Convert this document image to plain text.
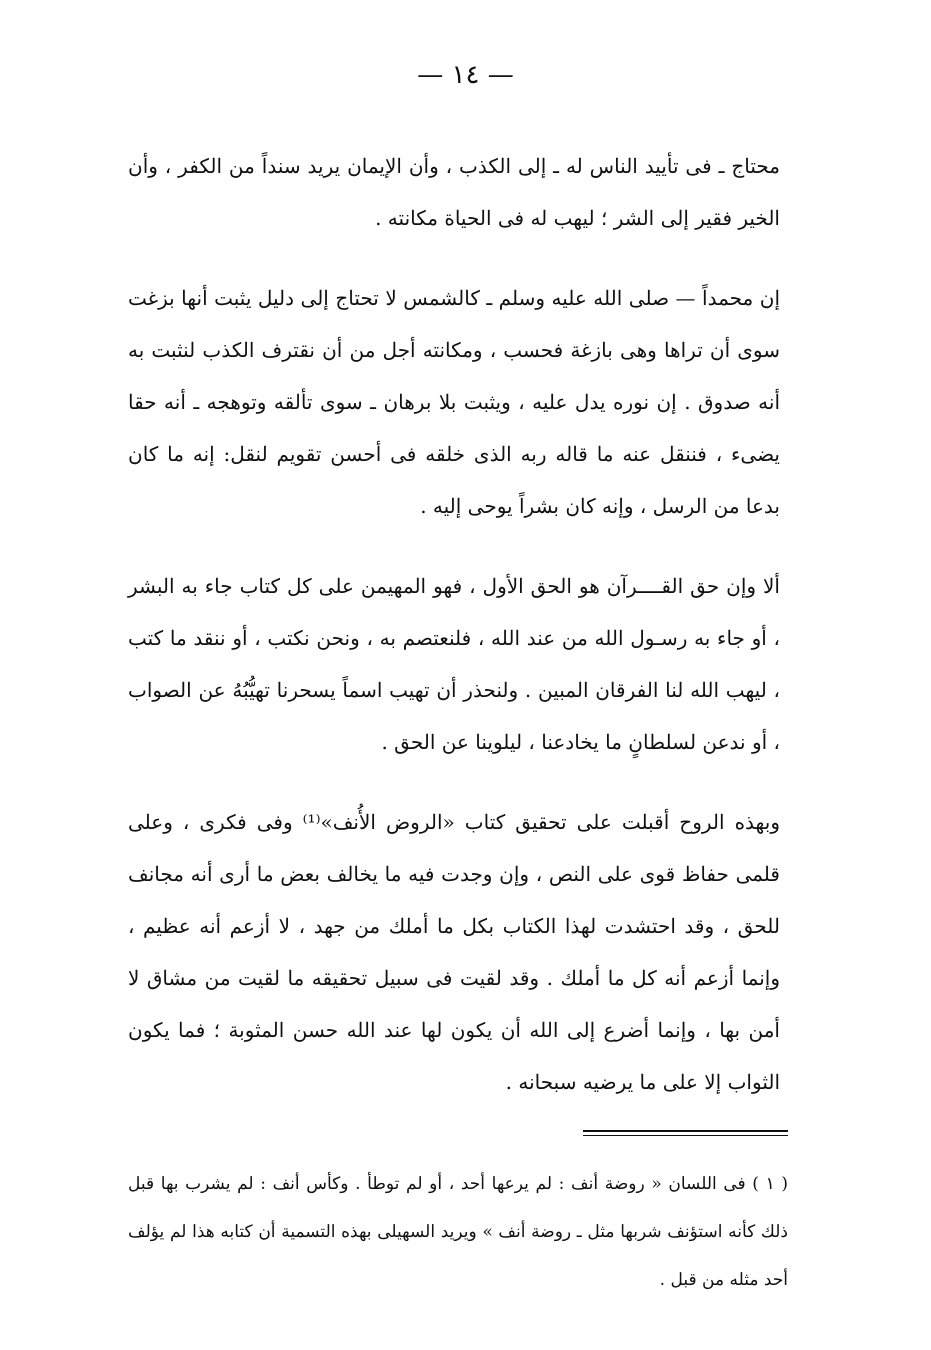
— ١٤ —

محتاج ـ فى تأييد الناس له ـ إلى الكذب ، وأن الإيمان يريد سنداً من الكفر ، وأن الخير فقير إلى الشر ؛ ليهب له فى الحياة مكانته .

إن محمداً — صلى الله عليه وسلم ـ كالشمس لا تحتاج إلى دليل يثبت أنها بزغت سوى أن تراها وهى بازغة فحسب ، ومكانته أجل من أن نقترف الكذب لنثبت به أنه صدوق . إن نوره يدل عليه ، ويثبت بلا برهان ـ سوى تألقه وتوهجه ـ أنه حقا يضىء ، فننقل عنه ما قاله ربه الذى خلقه فى أحسن تقويم لنقل: إنه ما كان بدعا من الرسل ، وإنه كان بشراً يوحى إليه .

ألا وإن حق القــــرآن هو الحق الأول ، فهو المهيمن على كل كتاب جاء به البشر ، أو جاء به رسـول الله من عند الله ، فلنعتصم به ، ونحن نكتب ، أو ننقد ما كتب ، ليهب الله لنا الفرقان المبين . ولنحذر أن تهيب اسماً يسحرنا تهيُّبُهُ عن الصواب ، أو ندعن لسلطانٍ ما يخادعنا ، ليلوينا عن الحق .

وبهذه الروح أقبلت على تحقيق كتاب «الروض الأُنف»⁽¹⁾ وفى فكرى ، وعلى قلمى حفاظ قوى على النص ، وإن وجدت فيه ما يخالف بعض ما أرى أنه مجانف للحق ، وقد احتشدت لهذا الكتاب بكل ما أملك من جهد ، لا أزعم أنه عظيم ، وإنما أزعم أنه كل ما أملك . وقد لقيت فى سبيل تحقيقه ما لقيت من مشاق لا أمن بها ، وإنما أضرع إلى الله أن يكون لها عند الله حسن المثوبة ؛ فما يكون الثواب إلا على ما يرضيه سبحانه .

( ١ ) فى اللسان « روضة أنف : لم يرعها أحد ، أو لم توطأ . وكأس أنف : لم يشرب بها قبل ذلك كأنه استؤنف شربها مثل ـ روضة أنف » ويريد السهيلى بهذه التسمية أن كتابه هذا لم يؤلف أحد مثله من قبل .
